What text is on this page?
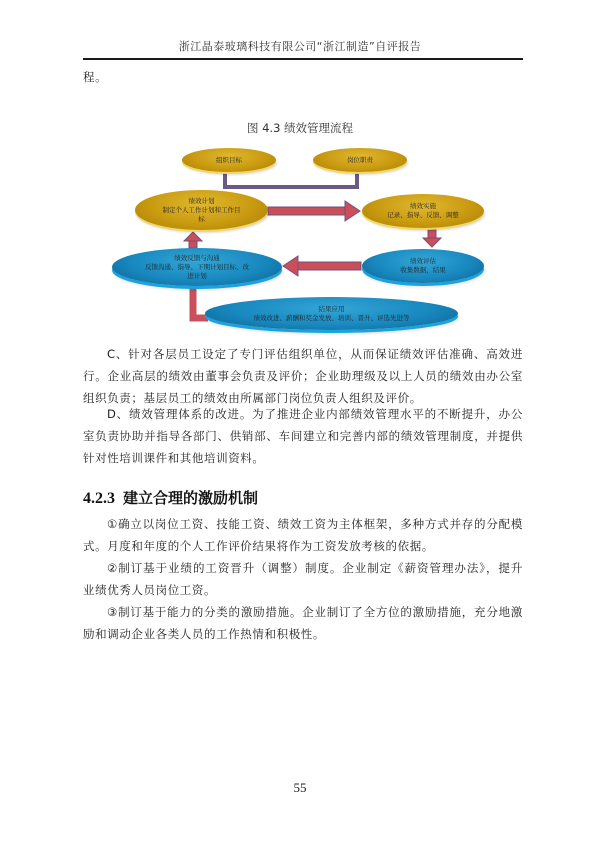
浙江晶泰玻璃科技有限公司“浙江制造”自评报告

程。

图 4.3 绩效管理流程
组织目标	岗位职责
绩效计划
制定个人工作计划和工作目
标
绩效实施
记录、指导、反馈、调整
绩效评估
收集数据，结果
绩效反馈与沟通
反馈沟通、指导、下期计划目标、改
进计划
结果应用
绩效改进、薪酬和奖金发放、培训、晋升、评选先进等

C、针对各层员工设定了专门评估组织单位，从而保证绩效评估准确、高效进行。企业高层的绩效由董事会负责及评价；企业助理级及以上人员的绩效由办公室组织负责；基层员工的绩效由所属部门岗位负责人组织及评价。

D、绩效管理体系的改进。为了推进企业内部绩效管理水平的不断提升，办公室负责协助并指导各部门、供销部、车间建立和完善内部的绩效管理制度，并提供针对性培训课件和其他培训资料。

4.2.3 建立合理的激励机制

①确立以岗位工资、技能工资、绩效工资为主体框架，多种方式并存的分配模式。月度和年度的个人工作评价结果将作为工资发放考核的依据。

②制订基于业绩的工资晋升（调整）制度。企业制定《薪资管理办法》，提升业绩优秀人员岗位工资。

③制订基于能力的分类的激励措施。企业制订了全方位的激励措施，充分地激励和调动企业各类人员的工作热情和积极性。

55
